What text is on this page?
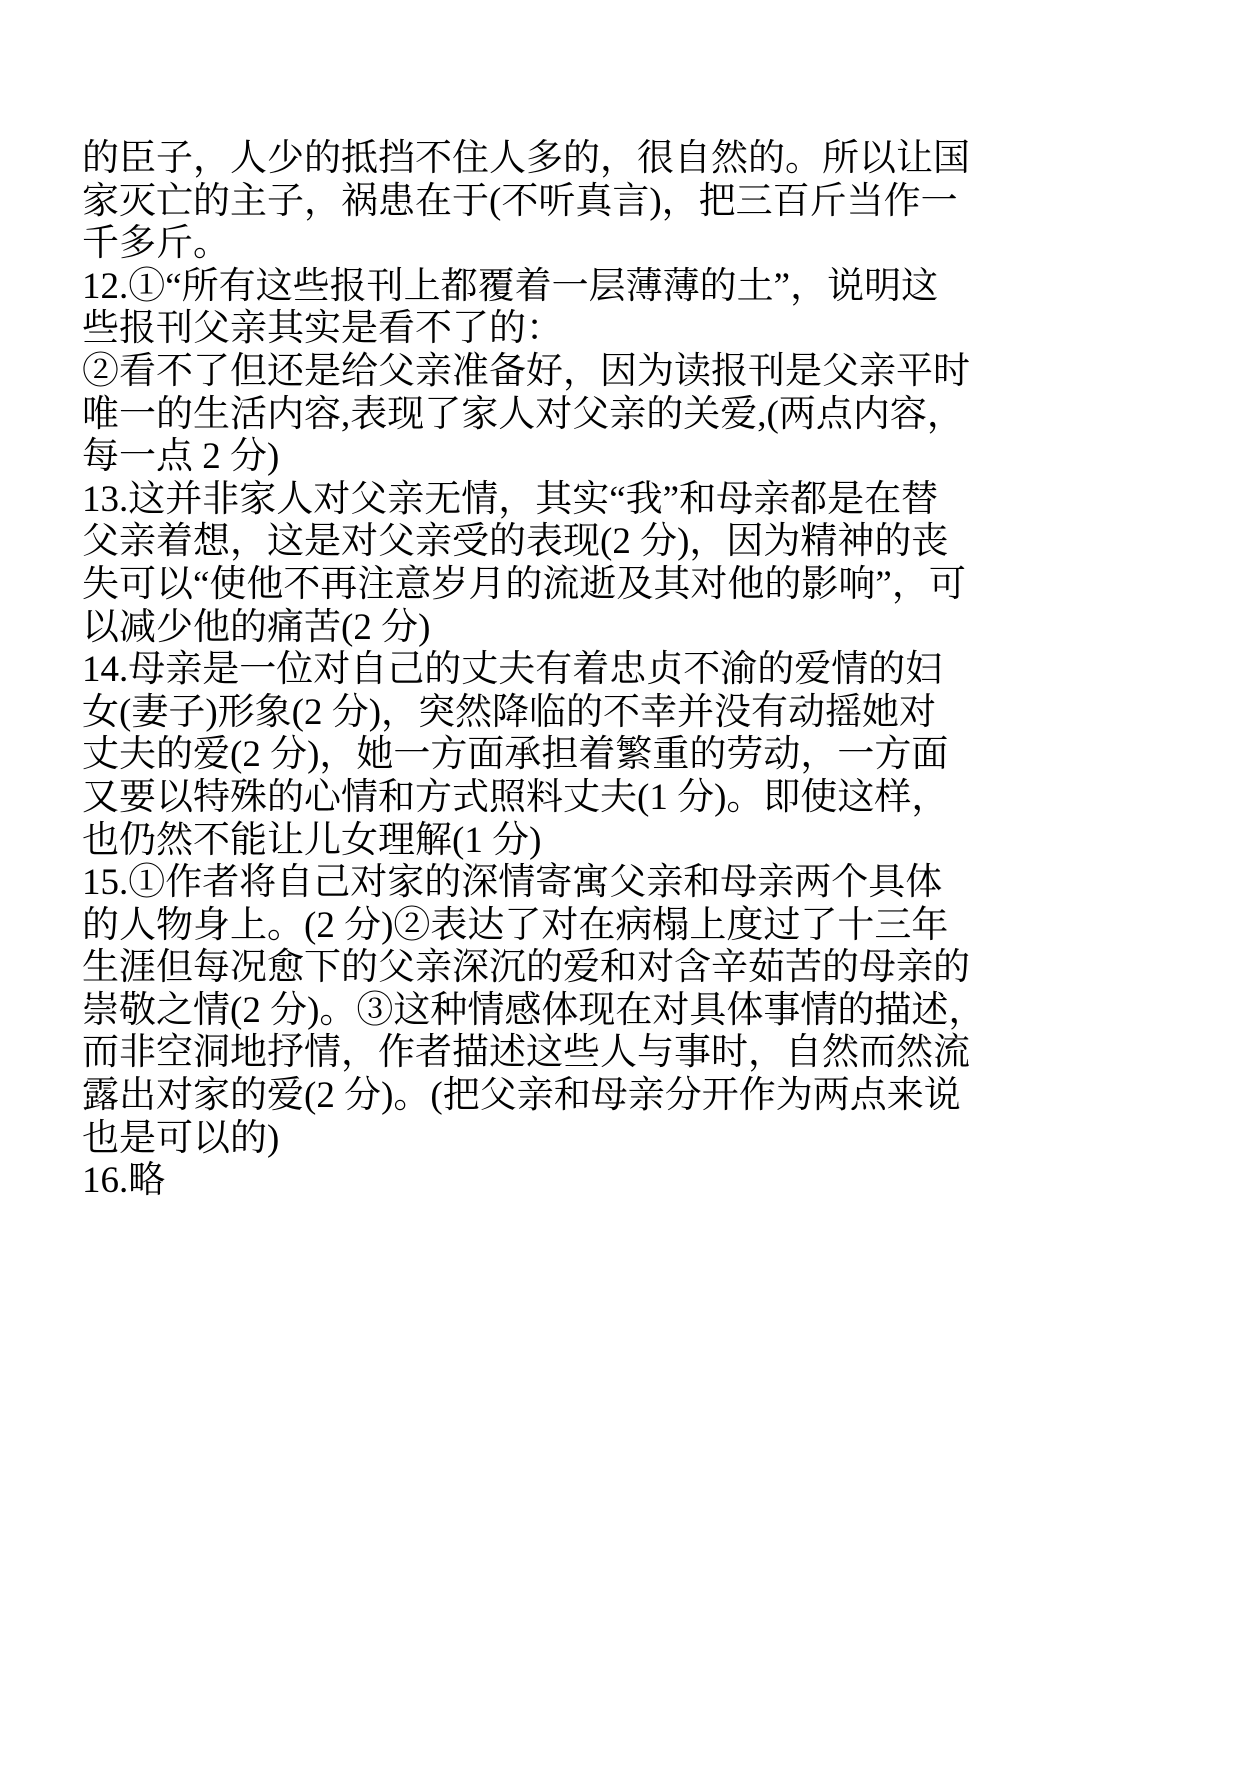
的臣子，人少的抵挡不住人多的，很自然的。所以让国
家灭亡的主子，祸患在于(不听真言)，把三百斤当作一
千多斤。
12.①“所有这些报刊上都覆着一层薄薄的土”，说明这
些报刊父亲其实是看不了的：
②看不了但还是给父亲准备好，因为读报刊是父亲平时
唯一的生活内容,表现了家人对父亲的关爱,(两点内容，
每一点 2 分)
13.这并非家人对父亲无情，其实“我”和母亲都是在替
父亲着想，这是对父亲受的表现(2 分)，因为精神的丧
失可以“使他不再注意岁月的流逝及其对他的影响”，可
以减少他的痛苦(2 分)
14.母亲是一位对自己的丈夫有着忠贞不渝的爱情的妇
女(妻子)形象(2 分)，突然降临的不幸并没有动摇她对
丈夫的爱(2 分)，她一方面承担着繁重的劳动，一方面
又要以特殊的心情和方式照料丈夫(1 分)。即使这样，
也仍然不能让儿女理解(1 分)
15.①作者将自己对家的深情寄寓父亲和母亲两个具体
的人物身上。(2 分)②表达了对在病榻上度过了十三年
生涯但每况愈下的父亲深沉的爱和对含辛茹苦的母亲的
崇敬之情(2 分)。③这种情感体现在对具体事情的描述，
而非空洞地抒情，作者描述这些人与事时，自然而然流
露出对家的爱(2 分)。(把父亲和母亲分开作为两点来说
也是可以的)
16.略
